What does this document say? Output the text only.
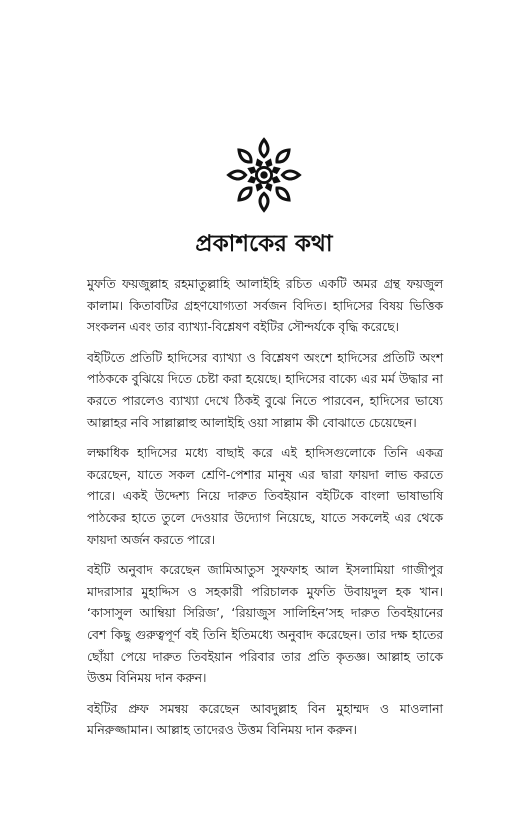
প্রকাশকের কথা

মুফতি ফয়জুল্লাহ রহমাতুল্লাহি আলাইহি রচিত একটি অমর গ্রন্থ ফয়জুল কালাম। কিতাবটির গ্রহণযোগ্যতা সর্বজন বিদিত। হাদিসের বিষয় ভিত্তিক সংকলন এবং তার ব্যাখ্যা-বিশ্লেষণ বইটির সৌন্দর্যকে বৃদ্ধি করেছে।

বইটিতে প্রতিটি হাদিসের ব্যাখ্যা ও বিশ্লেষণ অংশে হাদিসের প্রতিটি অংশ পাঠককে বুঝিয়ে দিতে চেষ্টা করা হয়েছে। হাদিসের বাক্যে এর মর্ম উদ্ধার না করতে পারলেও ব্যাখ্যা দেখে ঠিকই বুঝে নিতে পারবেন, হাদিসের ভাষ্যে আল্লাহর নবি সাল্লাল্লাহু আলাইহি ওয়া সাল্লাম কী বোঝাতে চেয়েছেন।

লক্ষাধিক হাদিসের মধ্যে বাছাই করে এই হাদিসগুলোকে তিনি একত্র করেছেন, যাতে সকল শ্রেণি-পেশার মানুষ এর দ্বারা ফায়দা লাভ করতে পারে। একই উদ্দেশ্য নিয়ে দারুত তিবইয়ান বইটিকে বাংলা ভাষাভাষি পাঠকের হাতে তুলে দেওয়ার উদ্যোগ নিয়েছে, যাতে সকলেই এর থেকে ফায়দা অর্জন করতে পারে।

বইটি অনুবাদ করেছেন জামিআতুস সুফফাহ আল ইসলামিয়া গাজীপুর মাদরাসার মুহাদ্দিস ও সহকারী পরিচালক মুফতি উবায়দুল হক খান। ‘কাসাসুল আম্বিয়া সিরিজ’, ‘রিয়াজুস সালিহিন’সহ দারুত তিবইয়ানের বেশ কিছু গুরুত্বপূর্ণ বই তিনি ইতিমধ্যে অনুবাদ করেছেন। তার দক্ষ হাতের ছোঁয়া পেয়ে দারুত তিবইয়ান পরিবার তার প্রতি কৃতজ্ঞ। আল্লাহ তাকে উত্তম বিনিময় দান করুন।

বইটির প্রুফ সমন্বয় করেছেন আবদুল্লাহ বিন মুহাম্মদ ও মাওলানা মনিরুজ্জামান। আল্লাহ তাদেরও উত্তম বিনিময় দান করুন।
